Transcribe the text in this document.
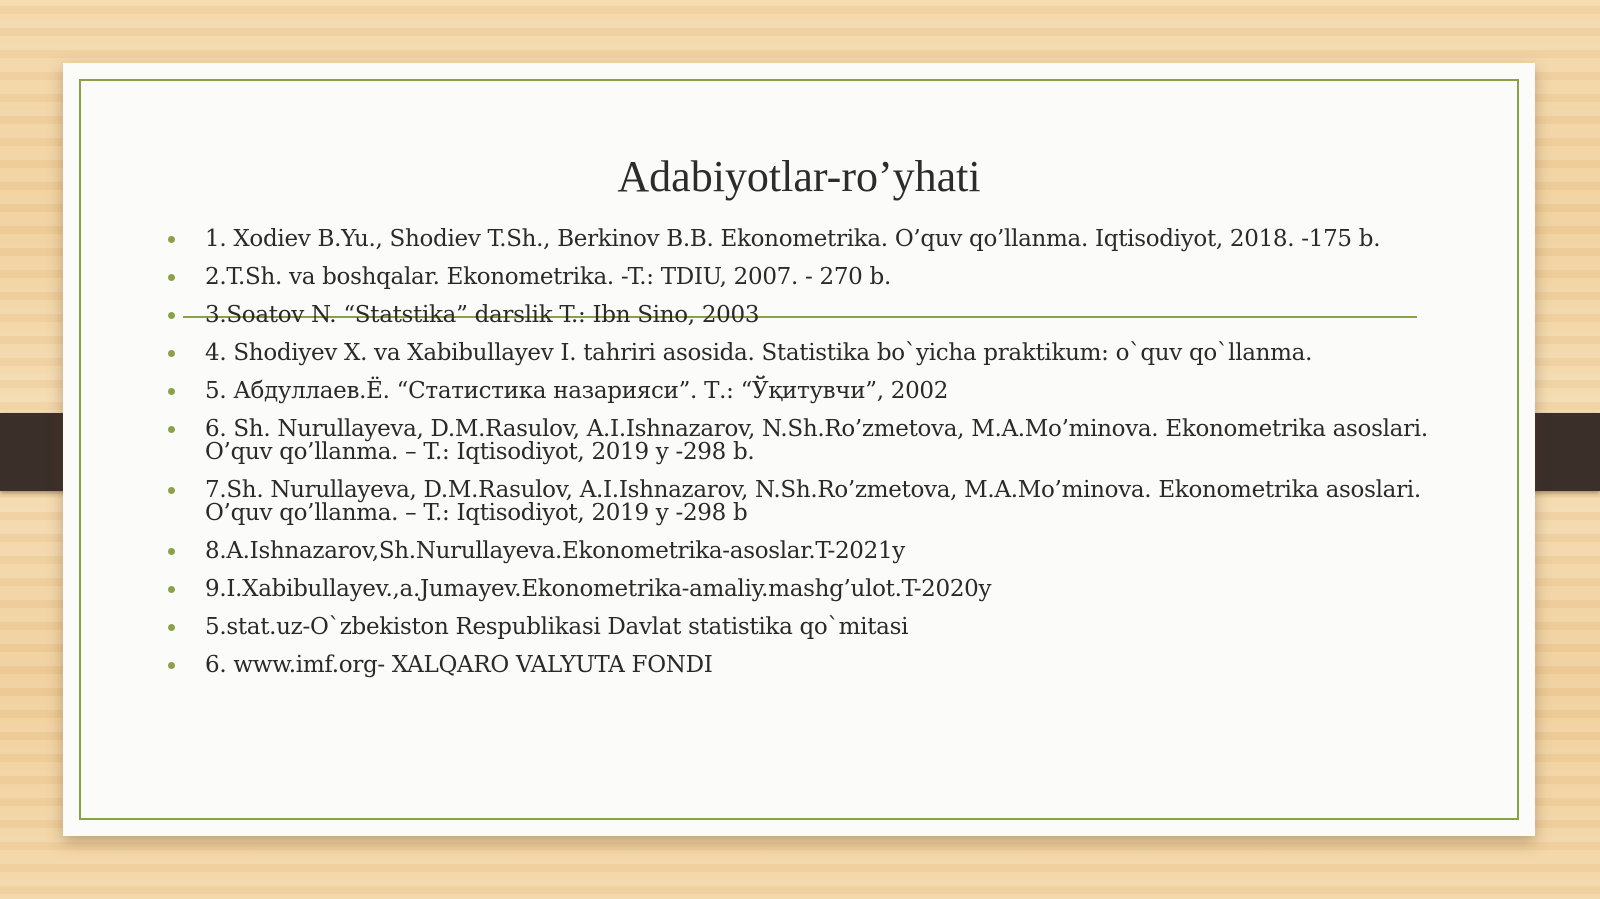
Adabiyotlar-ro’yhati
1. Xodiev B.Yu., Shodiev T.Sh., Berkinov B.B. Ekonometrika. O’quv qo’llanma. Iqtisodiyot, 2018. -175 b.
2.T.Sh. va boshqalar. Ekonometrika. -T.: TDIU, 2007. - 270 b.
3.Soatov N. “Statstika” darslik T.: Ibn Sino, 2003
4. Shodiyev X. va Xabibullayev I. tahriri asosida. Statistika bo`yicha praktikum: o`quv qo`llanma.
5. Абдуллаев.Ё. “Статистика назарияси”. Т.: “Ўқитувчи”, 2002
6. Sh. Nurullayeva, D.M.Rasulov, A.I.Ishnazarov, N.Sh.Ro’zmetova, M.A.Mo’minova. Ekonometrika asoslari. O’quv qo’llanma. – T.: Iqtisodiyot, 2019 y -298 b.
7.Sh. Nurullayeva, D.M.Rasulov, A.I.Ishnazarov, N.Sh.Ro’zmetova, M.A.Mo’minova. Ekonometrika asoslari. O’quv qo’llanma. – T.: Iqtisodiyot, 2019 y -298 b
8.A.Ishnazarov,Sh.Nurullayeva.Ekonometrika-asoslar.T-2021y
9.I.Xabibullayev.,a.Jumayev.Ekonometrika-amaliy.mashg’ulot.T-2020y
5.stat.uz-O`zbekiston Respublikasi Davlat statistika qo`mitasi
6. www.imf.org- XALQARO VALYUTA FONDI
